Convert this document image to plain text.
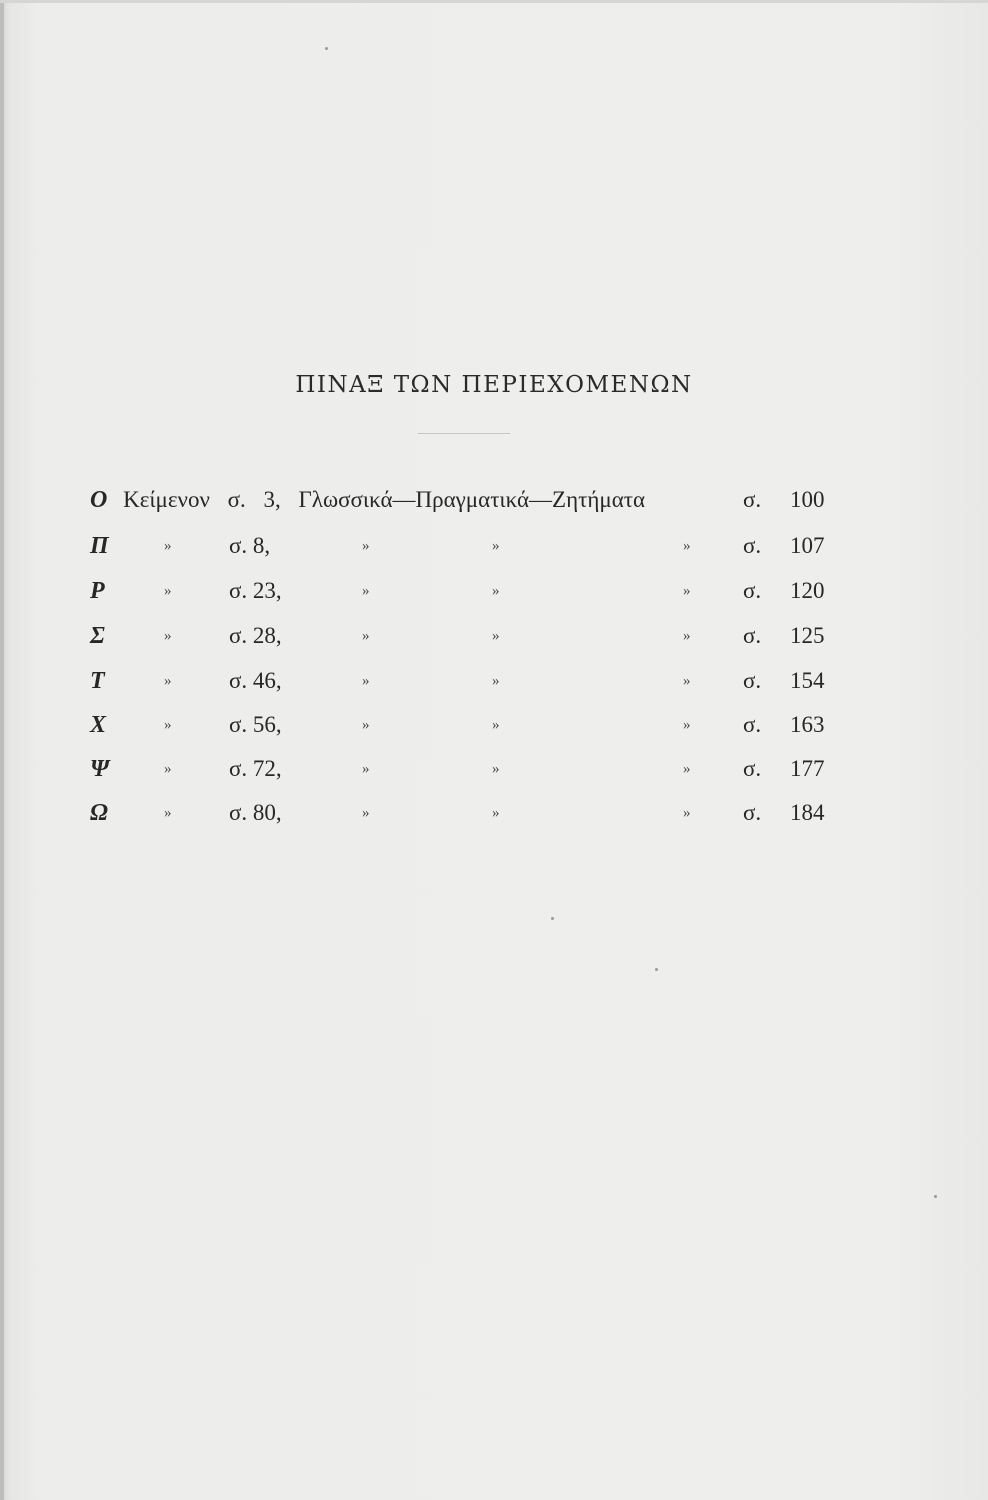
ΠΙΝΑΞ ΤΩΝ ΠΕΡΙΕΧΟΜΕΝΩΝ
Ο Κείμενον σ. 3, Γλωσσικά—Πραγματικά—Ζητήματα	σ. 100
Π	»	σ. 8,	»	»	» σ. 107
Ρ	»	σ. 23,	»	»	» σ. 120
Σ	»	σ. 28,	»	»	» σ. 125
Τ	»	σ. 46,	»	»	» σ. 154
Χ	»	σ. 56,	»	»	» σ. 163
Ψ	»	σ. 72,	»	»	» σ. 177
Ω	»	σ. 80,	»	»	» σ. 184
